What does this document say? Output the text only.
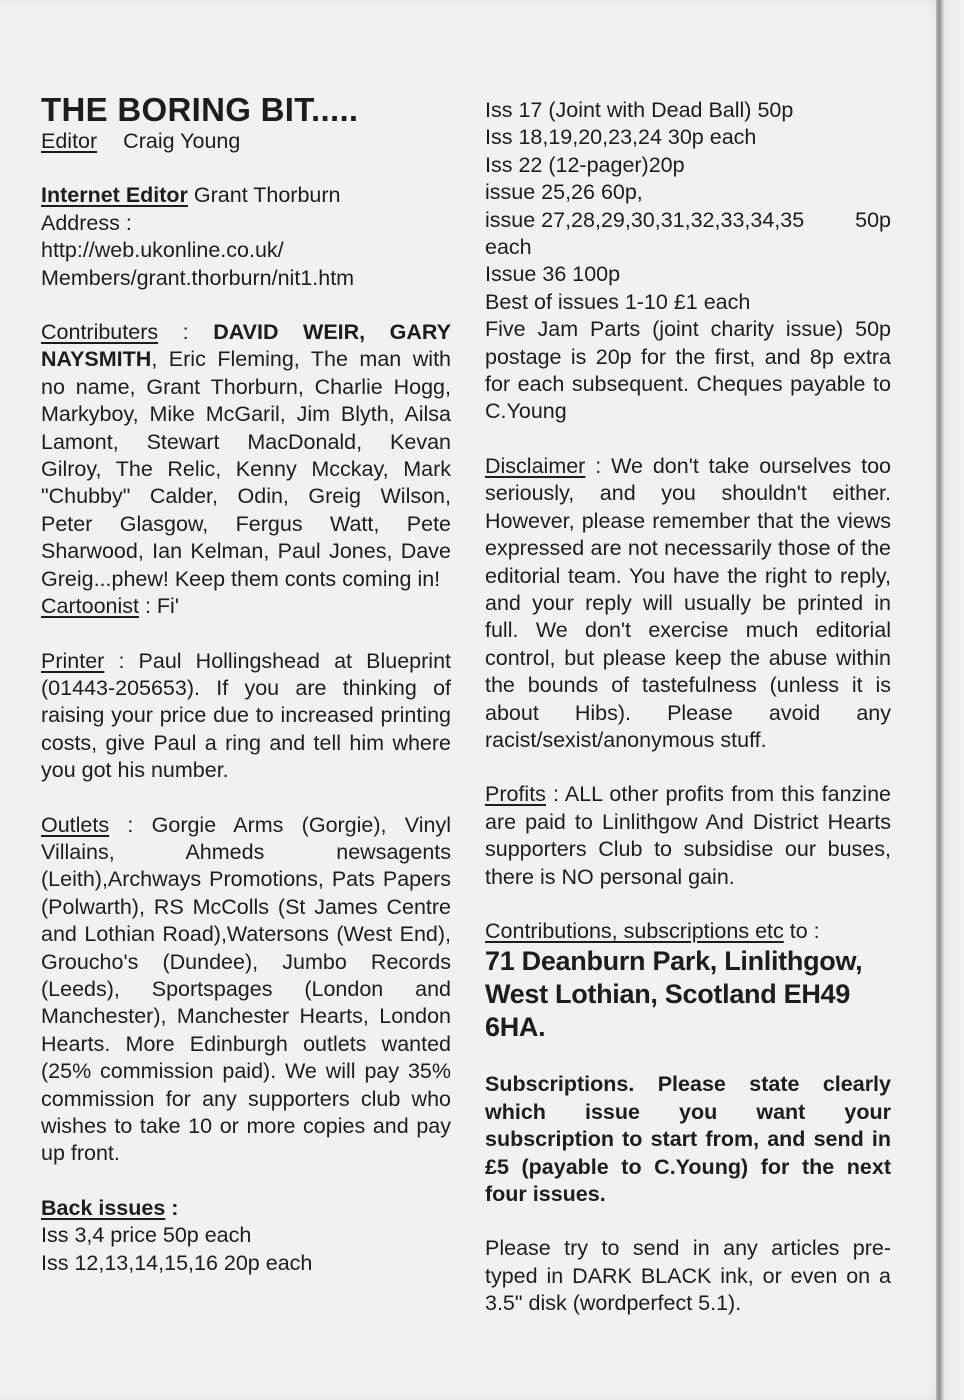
THE BORING BIT.....
Editor Craig Young

Internet Editor Grant Thorburn

Address :

http://web.ukonline.co.uk/

Members/grant.thorburn/nit1.htm

Contributers : DAVID WEIR, GARY NAYSMITH, Eric Fleming, The man with no name, Grant Thorburn, Charlie Hogg, Markyboy, Mike McGaril, Jim Blyth, Ailsa Lamont, Stewart MacDonald, Kevan Gilroy, The Relic, Kenny Mcckay, Mark "Chubby" Calder, Odin, Greig Wilson, Peter Glasgow, Fergus Watt, Pete Sharwood, Ian Kelman, Paul Jones, Dave Greig...phew! Keep them conts coming in!

Cartoonist : Fi'

Printer : Paul Hollingshead at Blueprint (01443-205653). If you are thinking of raising your price due to increased printing costs, give Paul a ring and tell him where you got his number.

Outlets : Gorgie Arms (Gorgie), Vinyl Villains, Ahmeds newsagents (Leith),Archways Promotions, Pats Papers (Polwarth), RS McColls (St James Centre and Lothian Road),Watersons (West End), Groucho's (Dundee), Jumbo Records (Leeds), Sportspages (London and Manchester), Manchester Hearts, London Hearts. More Edinburgh outlets wanted (25% commission paid). We will pay 35% commission for any supporters club who wishes to take 10 or more copies and pay up front.

Back issues :

Iss 3,4 price 50p each

Iss 12,13,14,15,16 20p each

Iss 17 (Joint with Dead Ball) 50p

Iss 18,19,20,23,24 30p each

Iss 22 (12-pager)20p

issue 25,26 60p,

issue 27,28,29,30,31,32,33,34,35 50p

each

Issue 36 100p

Best of issues 1-10 £1 each

Five Jam Parts (joint charity issue) 50p postage is 20p for the first, and 8p extra for each subsequent. Cheques payable to C.Young

Disclaimer : We don't take ourselves too seriously, and you shouldn't either. However, please remember that the views expressed are not necessarily those of the editorial team. You have the right to reply, and your reply will usually be printed in full. We don't exercise much editorial control, but please keep the abuse within the bounds of tastefulness (unless it is about Hibs). Please avoid any racist/sexist/anonymous stuff.

Profits : ALL other profits from this fanzine are paid to Linlithgow And District Hearts supporters Club to subsidise our buses, there is NO personal gain.

Contributions, subscriptions etc to :

71 Deanburn Park, Linlithgow, West Lothian, Scotland EH49 6HA.

Subscriptions. Please state clearly which issue you want your subscription to start from, and send in £5 (payable to C.Young) for the next four issues.

Please try to send in any articles pre-typed in DARK BLACK ink, or even on a 3.5" disk (wordperfect 5.1).
